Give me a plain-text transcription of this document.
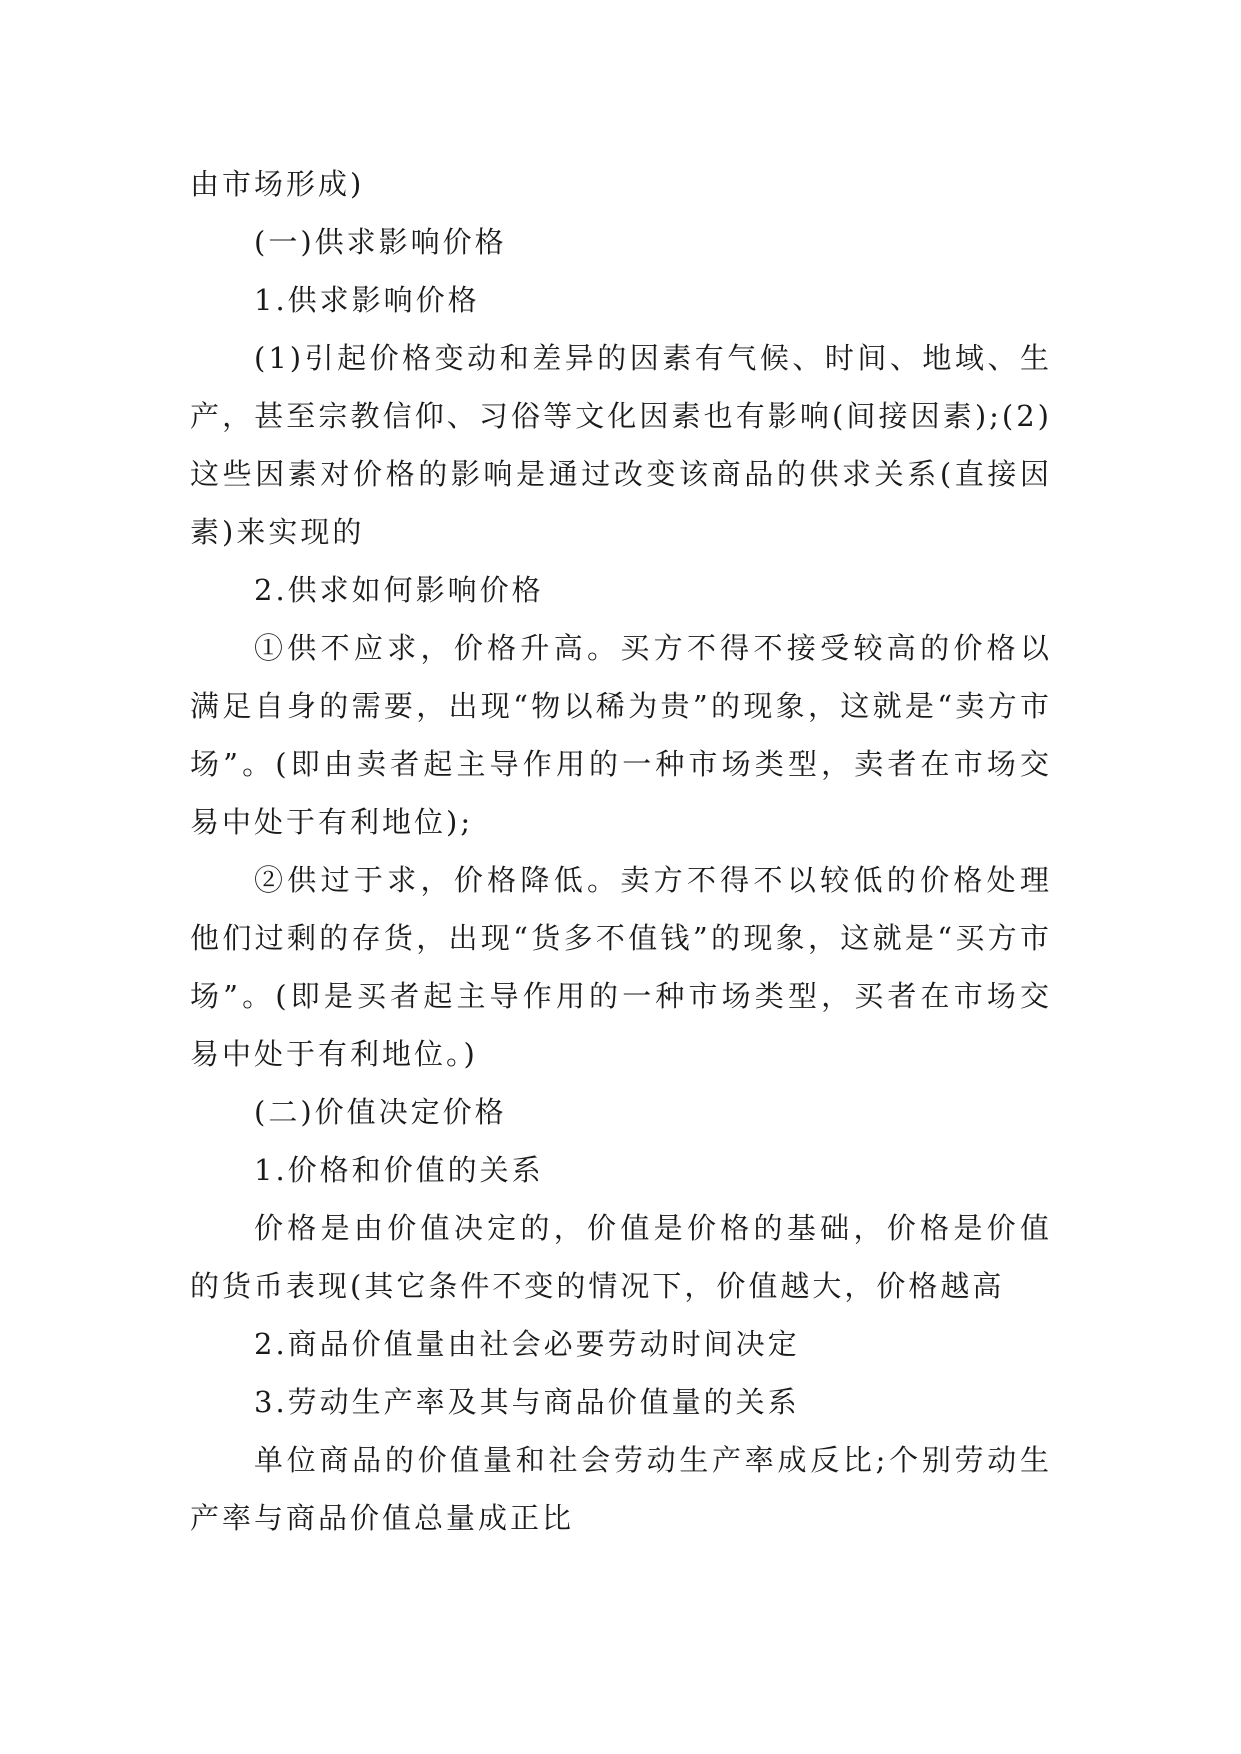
由市场形成)

(一)供求影响价格

1.供求影响价格

(1)引起价格变动和差异的因素有气候、时间、地域、生产，甚至宗教信仰、习俗等文化因素也有影响(间接因素);(2)这些因素对价格的影响是通过改变该商品的供求关系(直接因素)来实现的

2.供求如何影响价格

①供不应求，价格升高。买方不得不接受较高的价格以满足自身的需要，出现“物以稀为贵”的现象，这就是“卖方市场”。(即由卖者起主导作用的一种市场类型，卖者在市场交易中处于有利地位);

②供过于求，价格降低。卖方不得不以较低的价格处理他们过剩的存货，出现“货多不值钱”的现象，这就是“买方市场”。(即是买者起主导作用的一种市场类型，买者在市场交易中处于有利地位。)

(二)价值决定价格

1.价格和价值的关系

价格是由价值决定的，价值是价格的基础，价格是价值的货币表现(其它条件不变的情况下，价值越大，价格越高

2.商品价值量由社会必要劳动时间决定

3.劳动生产率及其与商品价值量的关系

单位商品的价值量和社会劳动生产率成反比;个别劳动生产率与商品价值总量成正比
